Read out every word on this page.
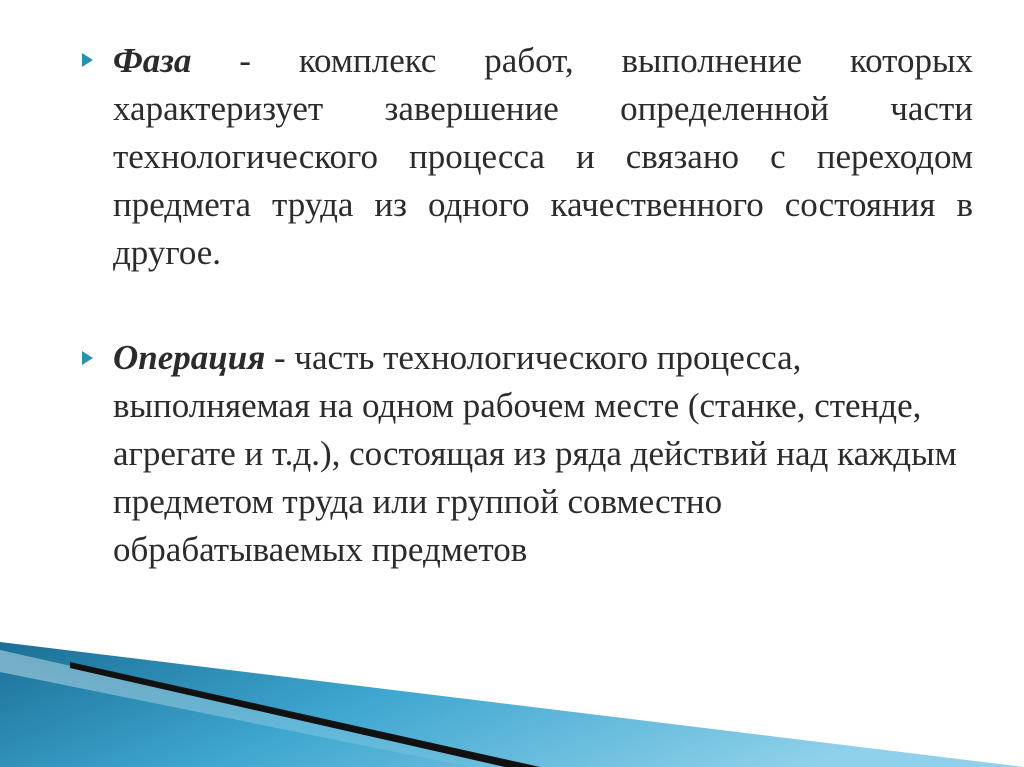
Фаза - комплекс работ, выполнение которых характеризует завершение определенной части технологического процесса и связано с переходом предмета труда из одного качественного состояния в другое.

Операция - часть технологического процесса, выполняемая на одном рабочем месте (станке, стенде, агрегате и т.д.), состоящая из ряда действий над каждым предметом труда или группой совместно обрабатываемых предметов
